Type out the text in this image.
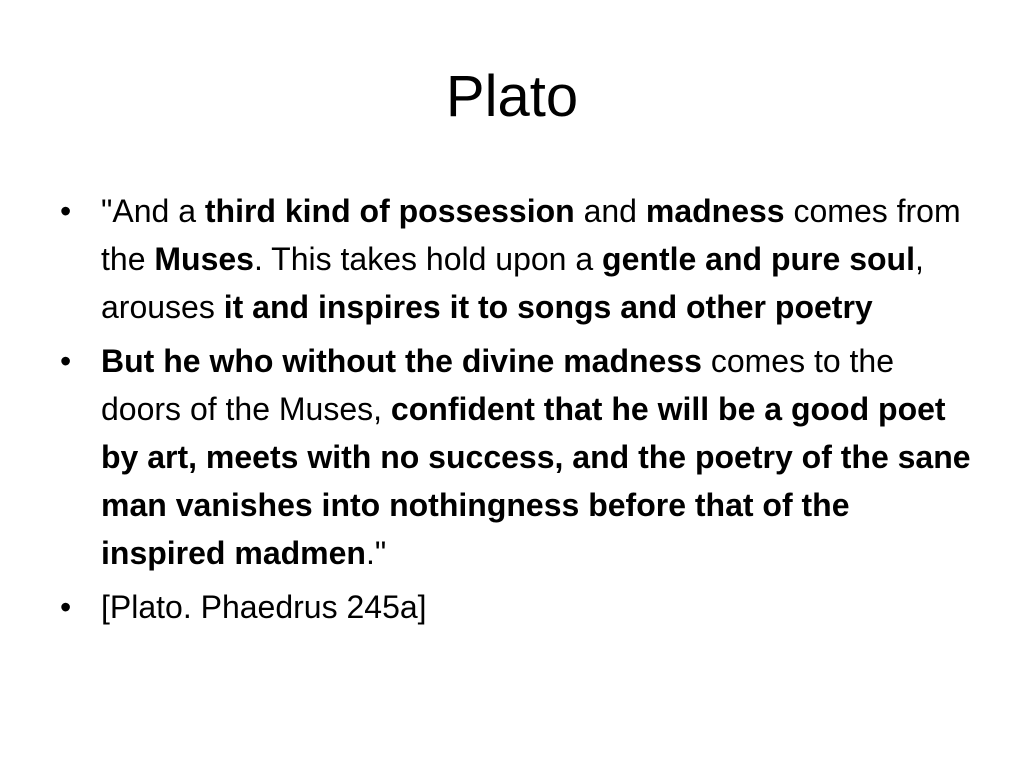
Plato
• "And a third kind of possession and madness comes from the Muses. This takes hold upon a gentle and pure soul, arouses it and inspires it to songs and other poetry
• But he who without the divine madness comes to the doors of the Muses, confident that he will be a good poet by art, meets with no success, and the poetry of the sane man vanishes into nothingness before that of the inspired madmen."
• [Plato. Phaedrus 245a]
